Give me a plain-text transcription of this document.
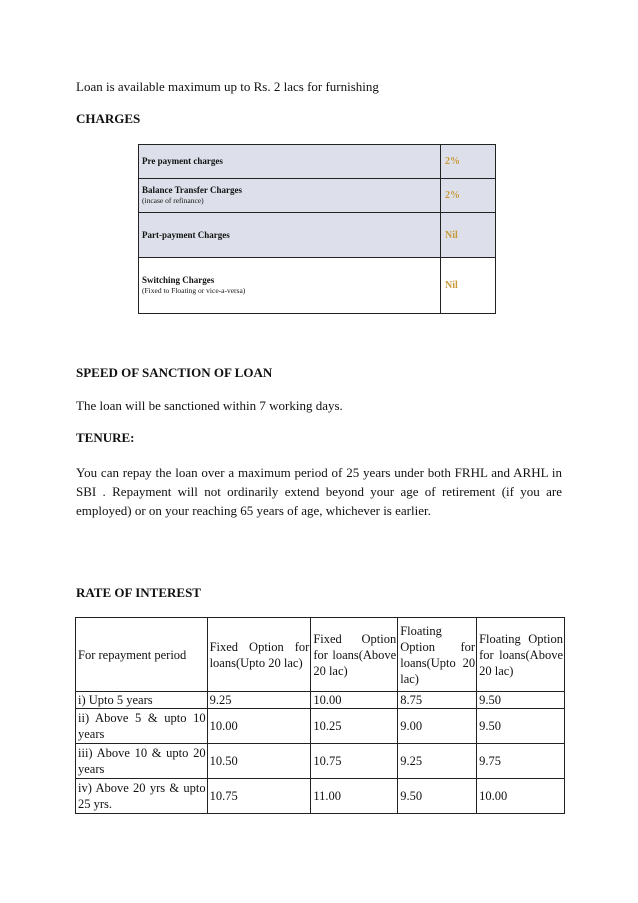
Loan is available maximum up to Rs. 2 lacs for furnishing
CHARGES
Pre payment charges	2%

Balance Transfer Charges
(incase of refinance)	2%

Part-payment Charges	Nil

Switching Charges
(Fixed to Floating or vice-a-versa)	Nil
SPEED OF SANCTION OF LOAN
The loan will be sanctioned within 7 working days.
TENURE:
You can repay the loan over a maximum period of 25 years under both FRHL and ARHL in SBI . Repayment will not ordinarily extend beyond your age of retirement (if you are employed) or on your reaching 65 years of age, whichever is earlier.
RATE OF INTEREST
For repayment period	Fixed Option for loans(Upto 20 lac)	Fixed Option for loans(Above 20 lac)	Floating Option for loans(Upto 20 lac)	Floating Option for loans(Above 20 lac)
i) Upto 5 years	9.25	10.00	8.75	9.50
ii) Above 5 & upto 10 years	10.00	10.25	9.00	9.50
iii) Above 10 & upto 20 years	10.50	10.75	9.25	9.75
iv) Above 20 yrs & upto 25 yrs.	10.75	11.00	9.50	10.00
